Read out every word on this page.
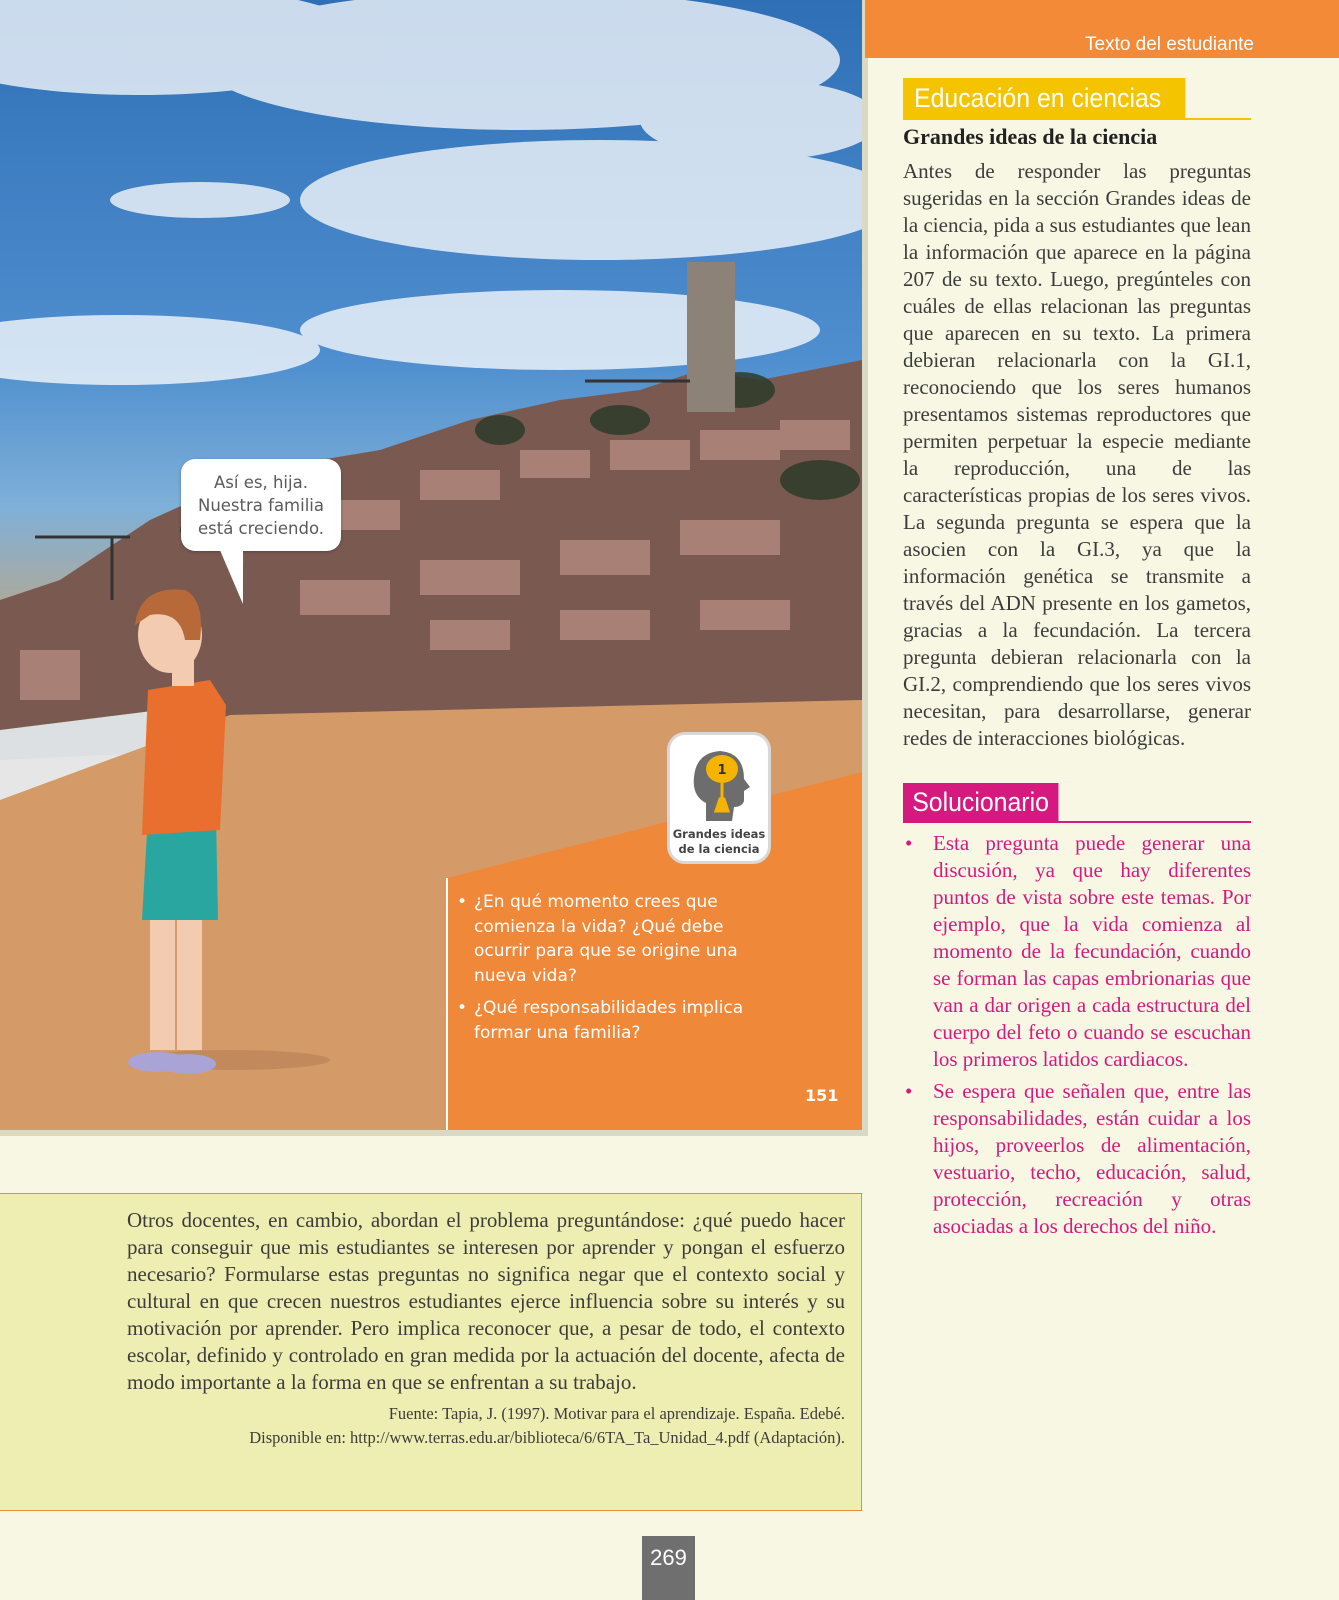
Así es, hija.
Nuestra familia
está creciendo.
1
Grandes ideas
de la ciencia
• ¿En qué momento crees que comienza la vida? ¿Qué debe ocurrir para que se origine una nueva vida?
• ¿Qué responsabilidades implica formar una familia?
151
Texto del estudiante
Educación en ciencias
Grandes ideas de la ciencia
Antes de responder las preguntas sugeridas en la sección Grandes ideas de la ciencia, pida a sus estudiantes que lean la información que aparece en la página 207 de su texto. Luego, pregúnteles con cuáles de ellas relacionan las preguntas que aparecen en su texto. La primera debieran relacionarla con la GI.1, reconociendo que los seres humanos presentamos sistemas reproductores que permiten perpetuar la especie mediante la reproducción, una de las características propias de los seres vivos. La segunda pregunta se espera que la asocien con la GI.3, ya que la información genética se transmite a través del ADN presente en los gametos, gracias a la fecundación. La tercera pregunta debieran relacionarla con la GI.2, comprendiendo que los seres vivos necesitan, para desarrollarse, generar redes de interacciones biológicas.
Solucionario
• Esta pregunta puede generar una discusión, ya que hay diferentes puntos de vista sobre este temas. Por ejemplo, que la vida comienza al momento de la fecundación, cuando se forman las capas embrionarias que van a dar origen a cada estructura del cuerpo del feto o cuando se escuchan los primeros latidos cardiacos.
• Se espera que señalen que, entre las responsabilidades, están cuidar a los hijos, proveerlos de alimentación, vestuario, techo, educación, salud, protección, recreación y otras asociadas a los derechos del niño.
Otros docentes, en cambio, abordan el problema preguntándose: ¿qué puedo hacer para conseguir que mis estudiantes se interesen por aprender y pongan el esfuerzo necesario? Formularse estas preguntas no significa negar que el contexto social y cultural en que crecen nuestros estudiantes ejerce influencia sobre su interés y su motivación por aprender. Pero implica reconocer que, a pesar de todo, el contexto escolar, definido y controlado en gran medida por la actuación del docente, afecta de modo importante a la forma en que se enfrentan a su trabajo.
Fuente: Tapia, J. (1997). Motivar para el aprendizaje. España. Edebé.
Disponible en: http://www.terras.edu.ar/biblioteca/6/6TA_Ta_Unidad_4.pdf (Adaptación).
269
